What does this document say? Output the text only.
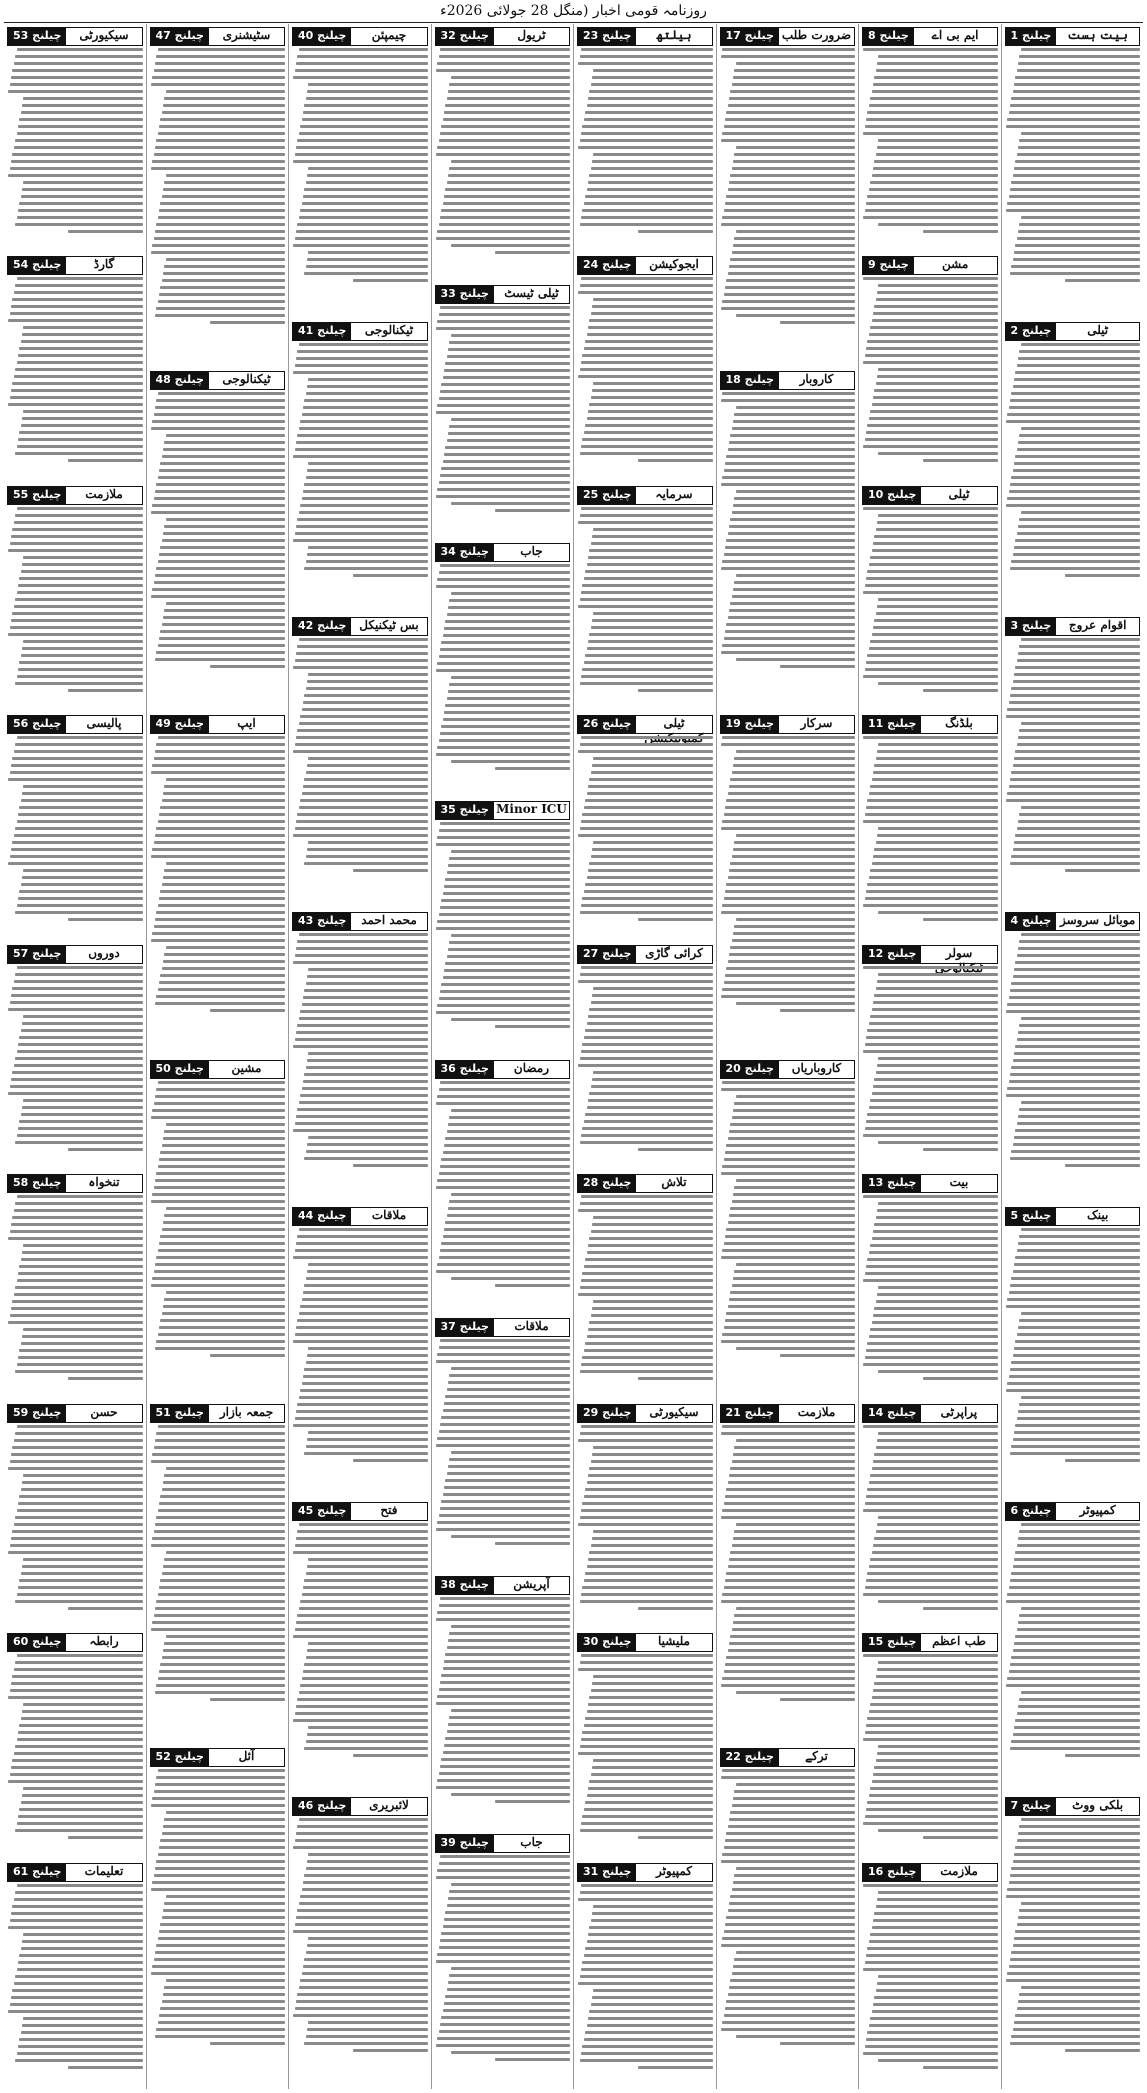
روزنامہ قومی اخبار (منگل 28 جولائی 2026ء
چیلنج 1	بیت ہست
چیلنج 2	ٹیلی
چیلنج 3	اقوام عروج
چیلنج 4 موبائل سروسز
چیلنج 5	بینک
چیلنج 6	کمپیوٹر
چیلنج 7	بلکی ووٹ
چیلنج 8	ایم بی اے
چیلنج 9	مشن
چیلنج 10	ٹیلی
چیلنج 11	بلڈنگ
چیلنج 12	سولر
چیلنج 13	بیت
چیلنج 14	پراپرٹی
چیلنج 15	طب اعظم
چیلنج 16	ملازمت
چیلنج 17 ضرورت طلب
چیلنج 18	کاروبار
چیلنج 19	سرکار
چیلنج 20	کاروباریاں
چیلنج 21	ملازمت
چیلنج 22	ترکے
چیلنج 23	ہیلتھ
چیلنج 24	ایجوکیشن
چیلنج 25	سرمایہ
چیلنج 26	ٹیلی
چیلنج 27	کرائی گاڑی
چیلنج 28	تلاش
چیلنج 29	سیکیورٹی
چیلنج 30	ملیشیا
چیلنج 31	کمپیوٹر
چیلنج 32	ٹریول
چیلنج 33	ٹیلی ٹیسٹ
چیلنج 34	جاب
چیلنج 35 Minor ICU
چیلنج 36	رمضان
چیلنج 37	ملاقات
چیلنج 38	آپریشن
چیلنج 39	جاب
چیلنج 40	چیمپئن
چیلنج 41	ٹیکنالوجی
چیلنج 42	بس ٹیکنیکل
چیلنج 43	محمد احمد
چیلنج 44	ملاقات
چیلنج 45	فتح
چیلنج 46	لائبریری
چیلنج 47	سٹیشنری
چیلنج 48	ٹیکنالوجی
چیلنج 49	ایپ
چیلنج 50	مشین
چیلنج 51	جمعہ بازار
چیلنج 52	آئل
چیلنج 53	سیکیورٹی
چیلنج 54	گارڈ
چیلنج 55	ملازمت
چیلنج 56	پالیسی
چیلنج 57	دوروں
چیلنج 58	تنخواہ
چیلنج 59	حسن
چیلنج 60	رابطہ
چیلنج 61	تعلیمات
